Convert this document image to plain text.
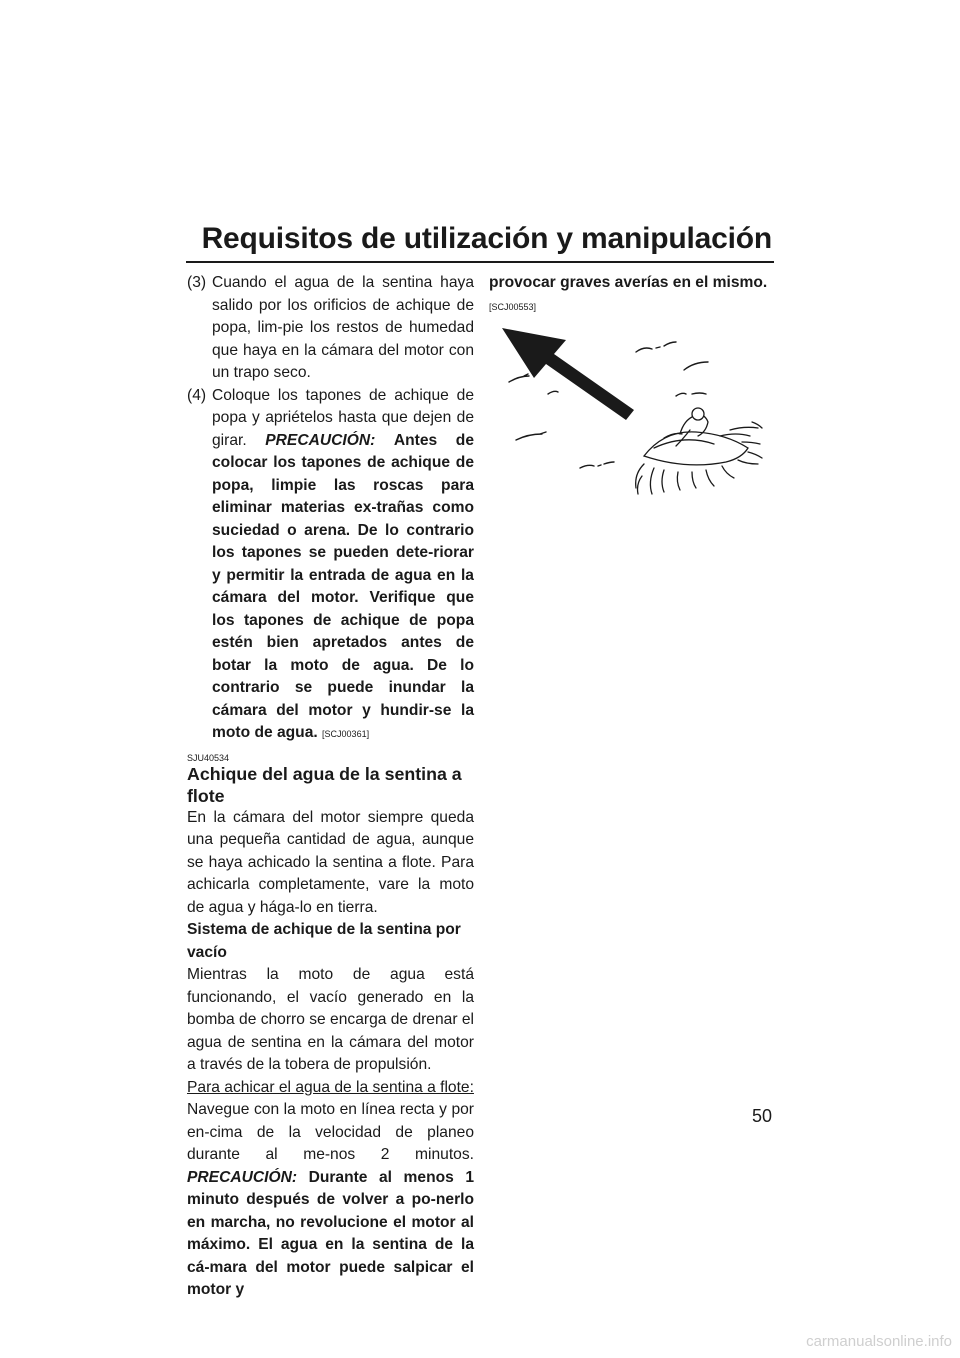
Requisitos de utilización y manipulación
(3) Cuando el agua de la sentina haya salido por los orificios de achique de popa, lim-pie los restos de humedad que haya en la cámara del motor con un trapo seco.
(4) Coloque los tapones de achique de popa y apriételos hasta que dejen de girar. PRECAUCIÓN: Antes de colocar los tapones de achique de popa, limpie las roscas para eliminar materias ex-trañas como suciedad o arena. De lo contrario los tapones se pueden dete-riorar y permitir la entrada de agua en la cámara del motor. Verifique que los tapones de achique de popa estén bien apretados antes de botar la moto de agua. De lo contrario se puede inundar la cámara del motor y hundir-se la moto de agua. [SCJ00361]
SJU40534
Achique del agua de la sentina a flote
En la cámara del motor siempre queda una pequeña cantidad de agua, aunque se haya achicado la sentina a flote. Para achicarla completamente, vare la moto de agua y hága-lo en tierra.
Sistema de achique de la sentina por vacío
Mientras la moto de agua está funcionando, el vacío generado en la bomba de chorro se encarga de drenar el agua de sentina en la cámara del motor a través de la tobera de propulsión.
Para achicar el agua de la sentina a flote:
Navegue con la moto en línea recta y por en-cima de la velocidad de planeo durante al me-nos 2 minutos. PRECAUCIÓN: Durante al menos 1 minuto después de volver a po-nerlo en marcha, no revolucione el motor al máximo. El agua en la sentina de la cá-mara del motor puede salpicar el motor y
provocar graves averías en el mismo.
[SCJ00553]
50
carmanualsonline.info
